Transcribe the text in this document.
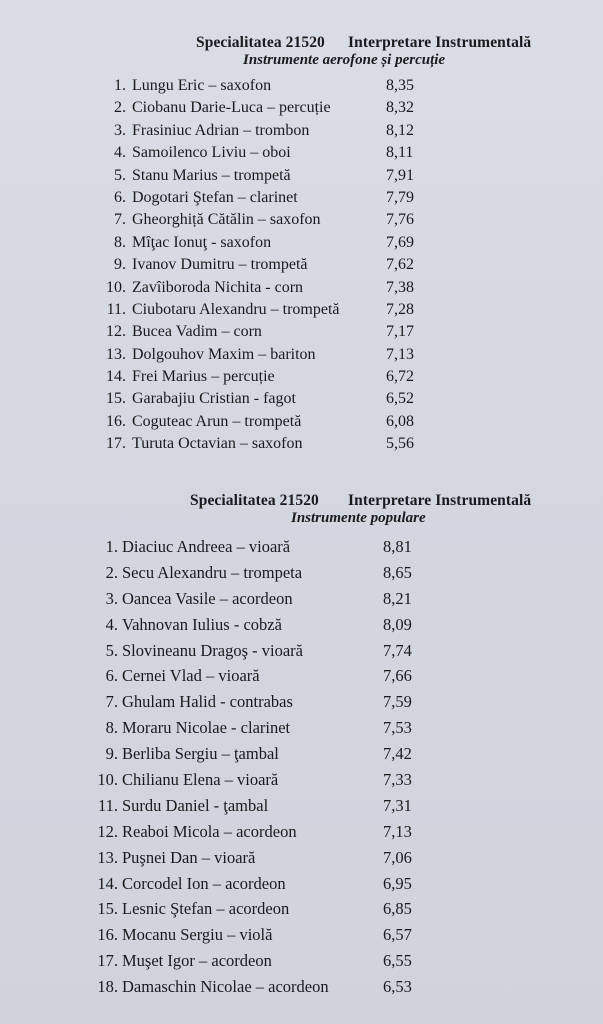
Specialitatea 21520 Interpretare Instrumentală
Instrumente aerofone și percuție
1. Lungu Eric – saxofon	8,35
2. Ciobanu Darie-Luca – percuție	8,32
3. Frasiniuc Adrian – trombon	8,12
4. Samoilenco Liviu – oboi	8,11
5. Stanu Marius – trompetă	7,91
6. Dogotari Ştefan – clarinet	7,79
7. Gheorghiță Cătălin – saxofon	7,76
8. Mîţac Ionuţ - saxofon	7,69
9. Ivanov Dumitru – trompetă	7,62
10. Zavîiboroda Nichita - corn	7,38
11. Ciubotaru Alexandru – trompetă	7,28
12. Bucea Vadim – corn	7,17
13. Dolgouhov Maxim – bariton	7,13
14. Frei Marius – percuție	6,72
15. Garabajiu Cristian - fagot	6,52
16. Coguteac Arun – trompetă	6,08
17. Turuta Octavian – saxofon	5,56
Specialitatea 21520 Interpretare Instrumentală
Instrumente populare
1. Diaciuc Andreea – vioară	8,81
2. Secu Alexandru – trompeta	8,65
3. Oancea Vasile – acordeon	8,21
4. Vahnovan Iulius - cobză	8,09
5. Slovineanu Dragoş - vioară	7,74
6. Cernei Vlad – vioară	7,66
7. Ghulam Halid - contrabas	7,59
8. Moraru Nicolae - clarinet	7,53
9. Berliba Sergiu – ţambal	7,42
10. Chilianu Elena – vioară	7,33
11. Surdu Daniel - ţambal	7,31
12. Reaboi Micola – acordeon	7,13
13. Puşnei Dan – vioară	7,06
14. Corcodel Ion – acordeon	6,95
15. Lesnic Ştefan – acordeon	6,85
16. Mocanu Sergiu – violă	6,57
17. Muşet Igor – acordeon	6,55
18. Damaschin Nicolae – acordeon	6,53
